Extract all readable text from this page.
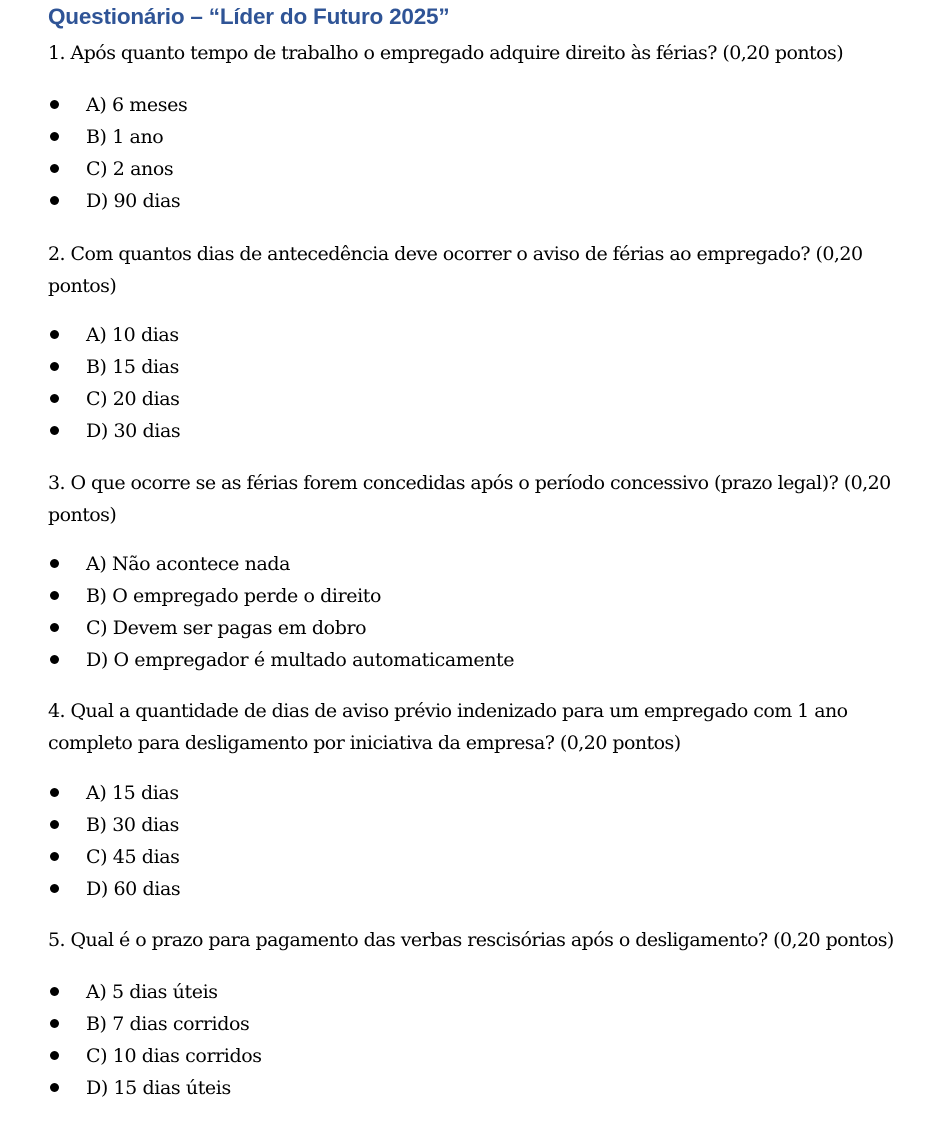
Questionário – “Líder do Futuro 2025”

1. Após quanto tempo de trabalho o empregado adquire direito às férias? (0,20 pontos)

A) 6 meses
B) 1 ano
C) 2 anos
D) 90 dias

2. Com quantos dias de antecedência deve ocorrer o aviso de férias ao empregado? (0,20 pontos)

A) 10 dias
B) 15 dias
C) 20 dias
D) 30 dias

3. O que ocorre se as férias forem concedidas após o período concessivo (prazo legal)? (0,20 pontos)

A) Não acontece nada
B) O empregado perde o direito
C) Devem ser pagas em dobro
D) O empregador é multado automaticamente

4. Qual a quantidade de dias de aviso prévio indenizado para um empregado com 1 ano completo para desligamento por iniciativa da empresa? (0,20 pontos)

A) 15 dias
B) 30 dias
C) 45 dias
D) 60 dias

5. Qual é o prazo para pagamento das verbas rescisórias após o desligamento? (0,20 pontos)

A) 5 dias úteis
B) 7 dias corridos
C) 10 dias corridos
D) 15 dias úteis
